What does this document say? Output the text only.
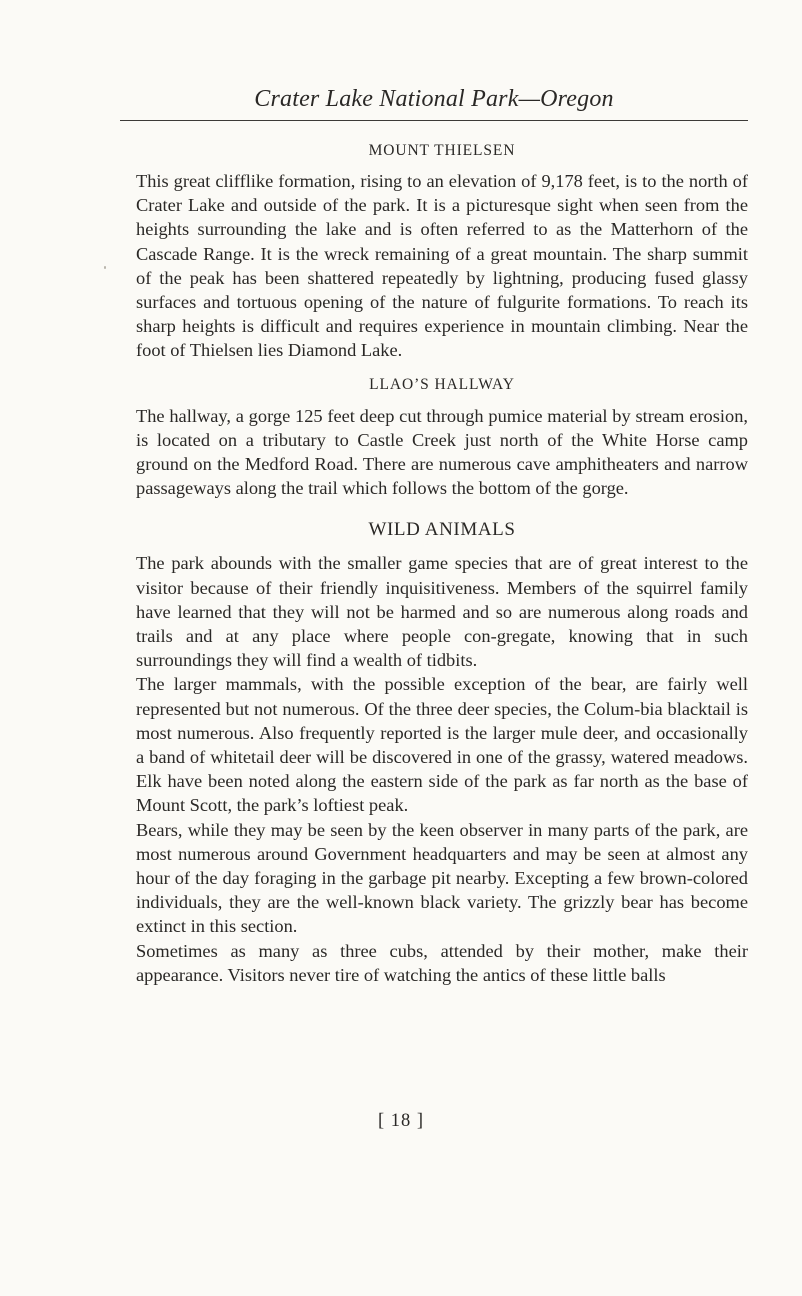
Crater Lake National Park—Oregon
MOUNT THIELSEN

This great clifflike formation, rising to an elevation of 9,178 feet, is to the north of Crater Lake and outside of the park. It is a picturesque sight when seen from the heights surrounding the lake and is often referred to as the Matterhorn of the Cascade Range. It is the wreck remaining of a great mountain. The sharp summit of the peak has been shattered repeatedly by lightning, producing fused glassy surfaces and tortuous opening of the nature of fulgurite formations. To reach its sharp heights is difficult and requires experience in mountain climbing. Near the foot of Thielsen lies Diamond Lake.

LLAO’S HALLWAY

The hallway, a gorge 125 feet deep cut through pumice material by stream erosion, is located on a tributary to Castle Creek just north of the White Horse camp ground on the Medford Road. There are numerous cave amphitheaters and narrow passageways along the trail which follows the bottom of the gorge.

WILD ANIMALS

The park abounds with the smaller game species that are of great interest to the visitor because of their friendly inquisitiveness. Members of the squirrel family have learned that they will not be harmed and so are numerous along roads and trails and at any place where people con-gregate, knowing that in such surroundings they will find a wealth of tidbits.

The larger mammals, with the possible exception of the bear, are fairly well represented but not numerous. Of the three deer species, the Colum-bia blacktail is most numerous. Also frequently reported is the larger mule deer, and occasionally a band of whitetail deer will be discovered in one of the grassy, watered meadows. Elk have been noted along the eastern side of the park as far north as the base of Mount Scott, the park’s loftiest peak.

Bears, while they may be seen by the keen observer in many parts of the park, are most numerous around Government headquarters and may be seen at almost any hour of the day foraging in the garbage pit nearby. Excepting a few brown-colored individuals, they are the well-known black variety. The grizzly bear has become extinct in this section.

Sometimes as many as three cubs, attended by their mother, make their appearance. Visitors never tire of watching the antics of these little balls

[ 18 ]
